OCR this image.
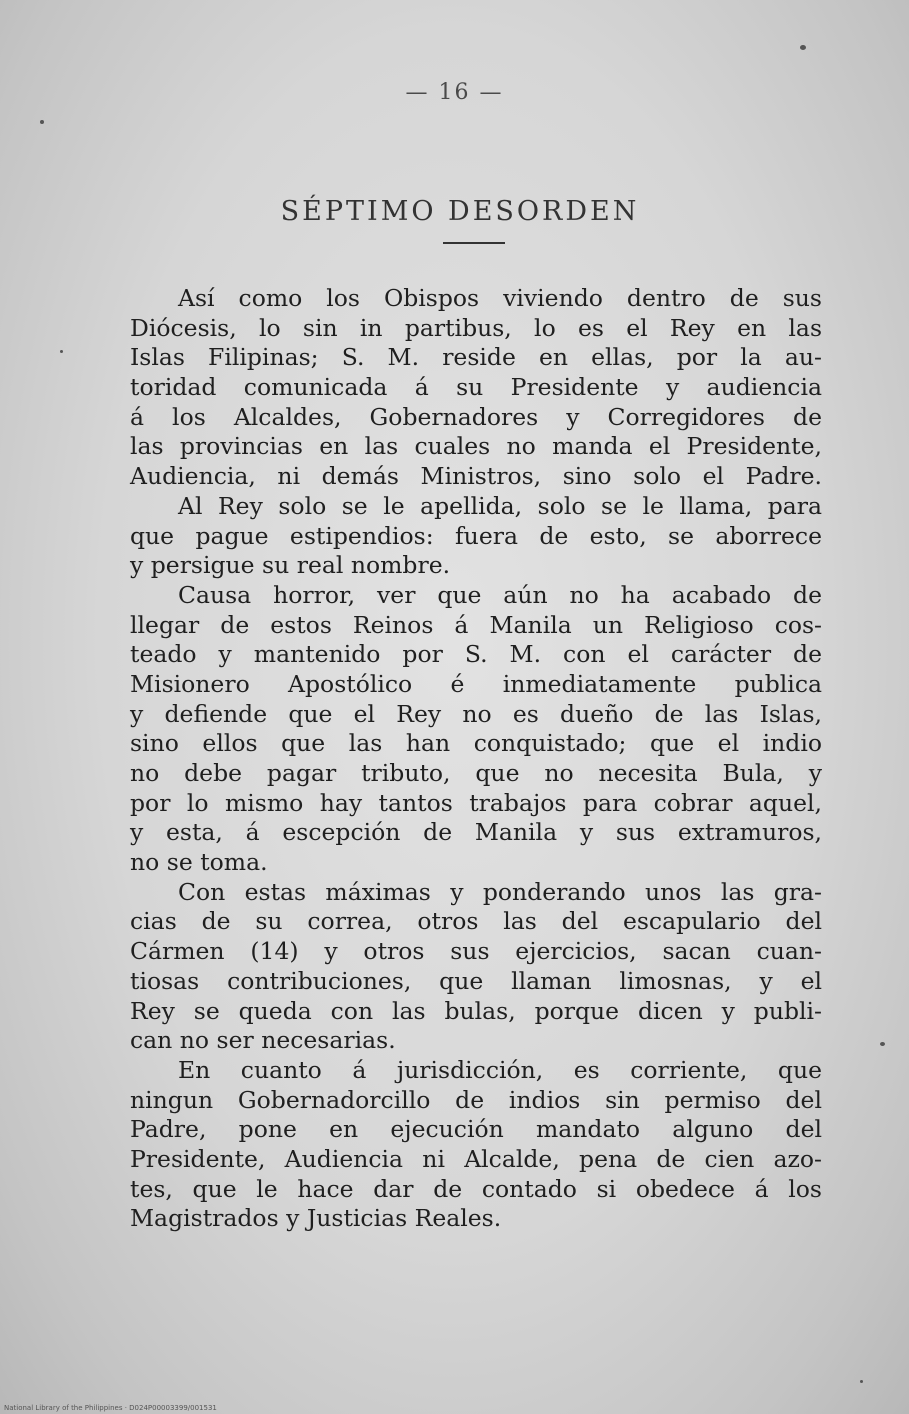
— 16 —
SÉPTIMO DESORDEN
Así como los Obispos viviendo dentro de sus
Diócesis, lo sin in partibus, lo es el Rey en las
Islas Filipinas; S. M. reside en ellas, por la au-
toridad comunicada á su Presidente y audiencia
á los Alcaldes, Gobernadores y Corregidores de
las provincias en las cuales no manda el Presidente,
Audiencia, ni demás Ministros, sino solo el Padre.
Al Rey solo se le apellida, solo se le llama, para
que pague estipendios: fuera de esto, se aborrece
y persigue su real nombre.
Causa horror, ver que aún no ha acabado de
llegar de estos Reinos á Manila un Religioso cos-
teado y mantenido por S. M. con el carácter de
Misionero Apostólico é inmediatamente publica
y defiende que el Rey no es dueño de las Islas,
sino ellos que las han conquistado; que el indio
no debe pagar tributo, que no necesita Bula, y
por lo mismo hay tantos trabajos para cobrar aquel,
y esta, á escepción de Manila y sus extramuros,
no se toma.
Con estas máximas y ponderando unos las gra-
cias de su correa, otros las del escapulario del
Cármen (14) y otros sus ejercicios, sacan cuan-
tiosas contribuciones, que llaman limosnas, y el
Rey se queda con las bulas, porque dicen y publi-
can no ser necesarias.
En cuanto á jurisdicción, es corriente, que
ningun Gobernadorcillo de indios sin permiso del
Padre, pone en ejecución mandato alguno del
Presidente, Audiencia ni Alcalde, pena de cien azo-
tes, que le hace dar de contado si obedece á los
Magistrados y Justicias Reales.
National Library of the Philippines · D024P00003399/001531
